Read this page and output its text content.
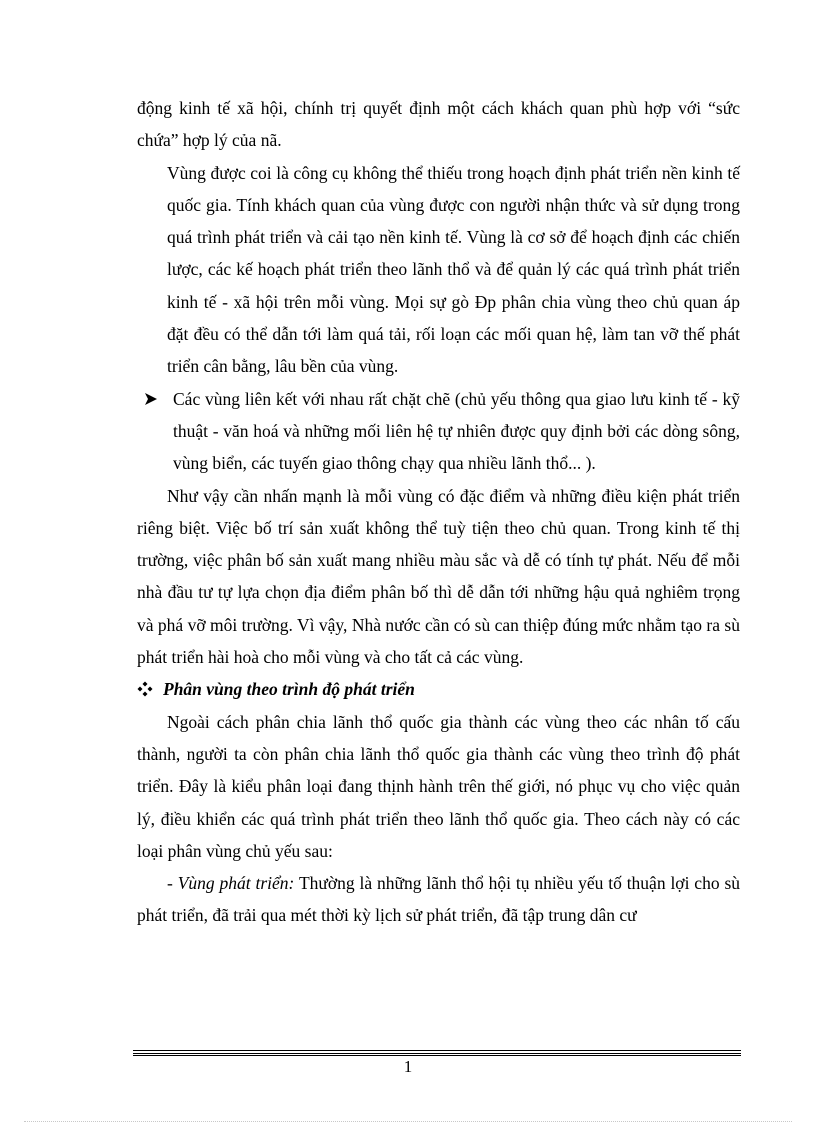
động kinh tế xã hội, chính trị quyết định một cách khách quan phù hợp với “sức chứa” hợp lý của nã.

Vùng được coi là công cụ không thể thiếu trong hoạch định phát triển nền kinh tế quốc gia. Tính khách quan của vùng được con người nhận thức và sử dụng trong quá trình phát triển và cải tạo nền kinh tế. Vùng là cơ sở để hoạch định các chiến lược, các kế hoạch phát triển theo lãnh thổ và để quản lý các quá trình phát triển kinh tế - xã hội trên mỗi vùng. Mọi sự gò Đp phân chia vùng theo chủ quan áp đặt đều có thể dẫn tới làm quá tải, rối loạn các mối quan hệ, làm tan vỡ thế phát triển cân bằng, lâu bền của vùng.

Các vùng liên kết với nhau rất chặt chẽ (chủ yếu thông qua giao lưu kinh tế - kỹ thuật - văn hoá và những mối liên hệ tự nhiên được quy định bởi các dòng sông, vùng biển, các tuyến giao thông chạy qua nhiều lãnh thổ... ).

Như vậy cần nhấn mạnh là mỗi vùng có đặc điểm và những điều kiện phát triển riêng biệt. Việc bố trí sản xuất không thể tuỳ tiện theo chủ quan. Trong kinh tế thị trường, việc phân bố sản xuất mang nhiều màu sắc và dễ có tính tự phát. Nếu để mỗi nhà đầu tư tự lựa chọn địa điểm phân bố thì dễ dẫn tới những hậu quả nghiêm trọng và phá vỡ môi trường. Vì vậy, Nhà nước cần có sù can thiệp đúng mức nhằm tạo ra sù phát triển hài hoà cho mỗi vùng và cho tất cả các vùng.

Phân vùng theo trình độ phát triển

Ngoài cách phân chia lãnh thổ quốc gia thành các vùng theo các nhân tố cấu thành, người ta còn phân chia lãnh thổ quốc gia thành các vùng theo trình độ phát triển. Đây là kiểu phân loại đang thịnh hành trên thế giới, nó phục vụ cho việc quản lý, điều khiển các quá trình phát triển theo lãnh thổ quốc gia. Theo cách này có các loại phân vùng chủ yếu sau:

- Vùng phát triển: Thường là những lãnh thổ hội tụ nhiều yếu tố thuận lợi cho sù phát triển, đã trải qua mét thời kỳ lịch sử phát triển, đã tập trung dân cư

1
